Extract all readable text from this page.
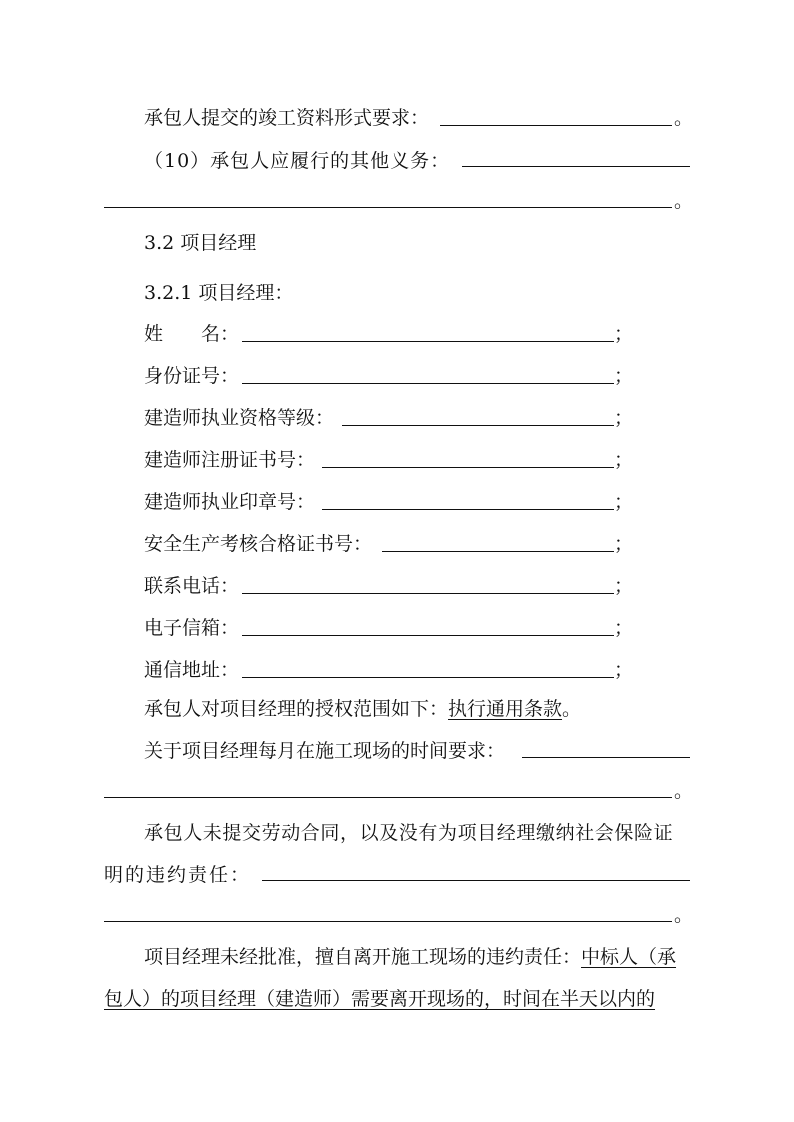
承包人提交的竣工资料形式要求：	。
（10）承包人应履行的其他义务：
。
3.2 项目经理
3.2.1 项目经理：
姓　　名：	；
身份证号：	；
建造师执业资格等级：	；
建造师注册证书号：	；
建造师执业印章号：	；
安全生产考核合格证书号：	；
联系电话：	；
电子信箱：	；
通信地址：	；
承包人对项目经理的授权范围如下：执行通用条款。
关于项目经理每月在施工现场的时间要求：
。
承包人未提交劳动合同，以及没有为项目经理缴纳社会保险证
明的违约责任：
。
项目经理未经批准，擅自离开施工现场的违约责任：中标人（承
包人）的项目经理（建造师）需要离开现场的，时间在半天以内的
